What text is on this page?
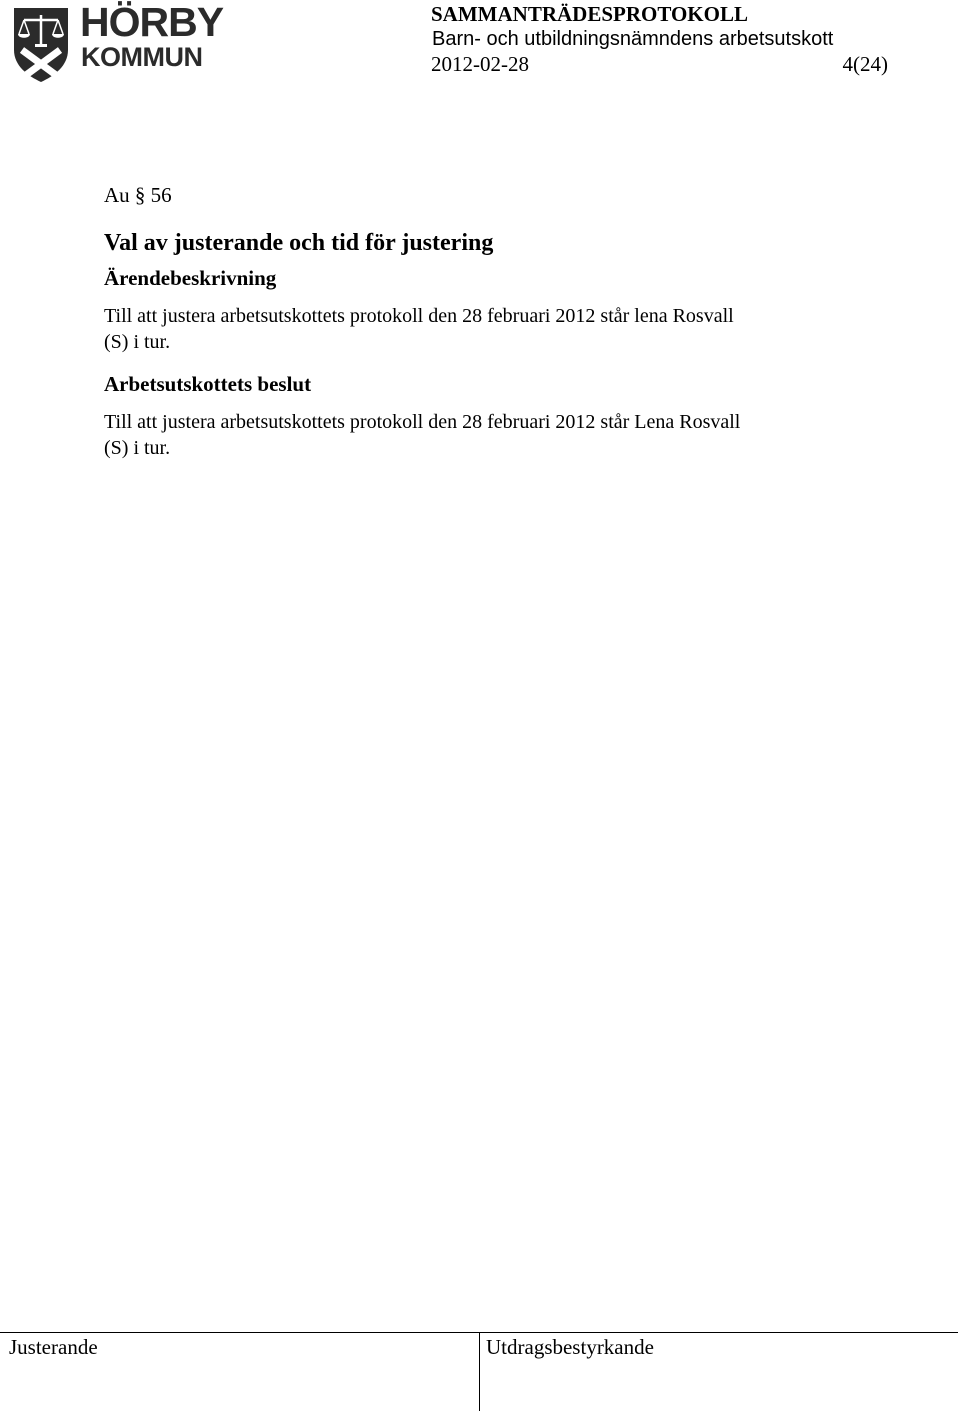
HÖRBY
KOMMUN
SAMMANTRÄDESPROTOKOLL
Barn- och utbildningsnämndens arbetsutskott
2012-02-28	4(24)
Au § 56
Val av justerande och tid för justering
Ärendebeskrivning
Till att justera arbetsutskottets protokoll den 28 februari 2012 står lena Rosvall (S) i tur.
Arbetsutskottets beslut
Till att justera arbetsutskottets protokoll den 28 februari 2012 står Lena Rosvall (S) i tur.
Justerande	Utdragsbestyrkande
